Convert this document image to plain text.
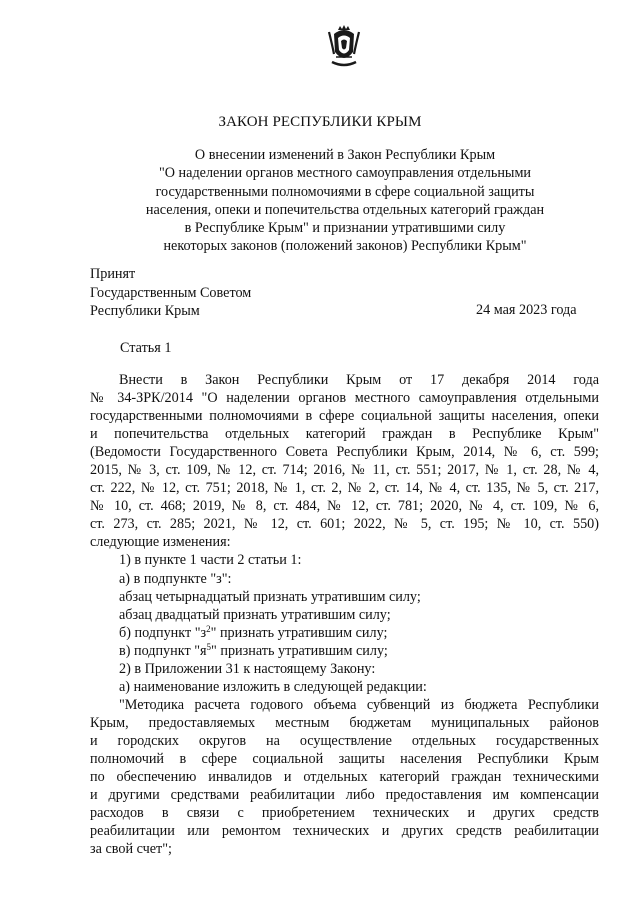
ЗАКОН РЕСПУБЛИКИ КРЫМ
О внесении изменений в Закон Республики Крым
"О наделении органов местного самоуправления отдельными
государственными полномочиями в сфере социальной защиты
населения, опеки и попечительства отдельных категорий граждан
в Республике Крым" и признании утратившими силу
некоторых законов (положений законов) Республики Крым"
Принят
Государственным Советом
Республики Крым	24 мая 2023 года
Статья 1
Внести в Закон Республики Крым от 17 декабря 2014 года
№ 34-ЗРК/2014 "О наделении органов местного самоуправления отдельными
государственными полномочиями в сфере социальной защиты населения, опеки
и попечительства отдельных категорий граждан в Республике Крым"
(Ведомости Государственного Совета Республики Крым, 2014, № 6, ст. 599;
2015, № 3, ст. 109, № 12, ст. 714; 2016, № 11, ст. 551; 2017, № 1, ст. 28, № 4,
ст. 222, № 12, ст. 751; 2018, № 1, ст. 2, № 2, ст. 14, № 4, ст. 135, № 5, ст. 217,
№ 10, ст. 468; 2019, № 8, ст. 484, № 12, ст. 781; 2020, № 4, ст. 109, № 6,
ст. 273, ст. 285; 2021, № 12, ст. 601; 2022, № 5, ст. 195; № 10, ст. 550)
следующие изменения:
1) в пункте 1 части 2 статьи 1:
а) в подпункте "з":
абзац четырнадцатый признать утратившим силу;
абзац двадцатый признать утратившим силу;
б) подпункт "$з^2$" признать утратившим силу;
в) подпункт "$я^5$" признать утратившим силу;
2) в Приложении 31 к настоящему Закону:
а) наименование изложить в следующей редакции:
"Методика расчета годового объема субвенций из бюджета Республики
Крым, предоставляемых местным бюджетам муниципальных районов
и городских округов на осуществление отдельных государственных
полномочий в сфере социальной защиты населения Республики Крым
по обеспечению инвалидов и отдельных категорий граждан техническими
и другими средствами реабилитации либо предоставления им компенсации
расходов в связи с приобретением технических и других средств
реабилитации или ремонтом технических и других средств реабилитации
за свой счет";
